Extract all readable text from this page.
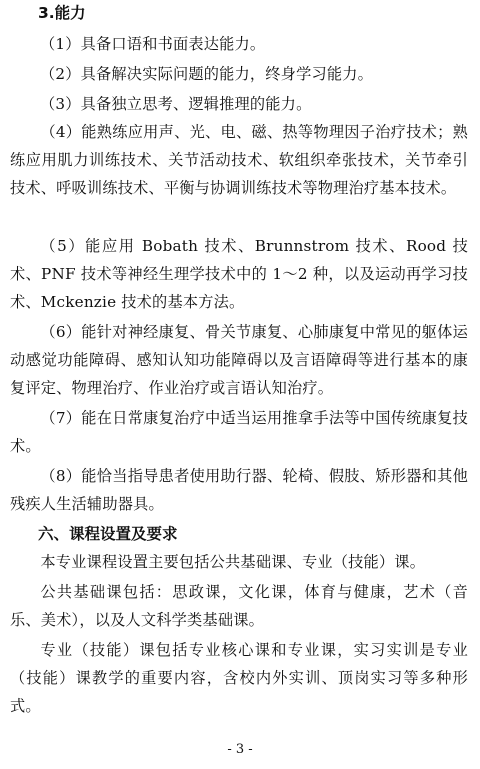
3.能力
（1）具备口语和书面表达能力。
（2）具备解决实际问题的能力，终身学习能力。
（3）具备独立思考、逻辑推理的能力。
（4）能熟练应用声、光、电、磁、热等物理因子治疗技术；熟练应用肌力训练技术、关节活动技术、软组织牵张技术，关节牵引技术、呼吸训练技术、平衡与协调训练技术等物理治疗基本技术。
（5）能应用 Bobath 技术、Brunnstrom 技术、Rood 技术、PNF 技术等神经生理学技术中的 1～2 种，以及运动再学习技术、Mckenzie 技术的基本方法。
（6）能针对神经康复、骨关节康复、心肺康复中常见的躯体运动感觉功能障碍、感知认知功能障碍以及言语障碍等进行基本的康复评定、物理治疗、作业治疗或言语认知治疗。
（7）能在日常康复治疗中适当运用推拿手法等中国传统康复技术。
（8）能恰当指导患者使用助行器、轮椅、假肢、矫形器和其他残疾人生活辅助器具。
六、课程设置及要求
本专业课程设置主要包括公共基础课、专业（技能）课。
公共基础课包括：思政课，文化课，体育与健康，艺术（音乐、美术），以及人文科学类基础课。
专业（技能）课包括专业核心课和专业课，实习实训是专业（技能）课教学的重要内容，含校内外实训、顶岗实习等多种形式。
- 3 -
